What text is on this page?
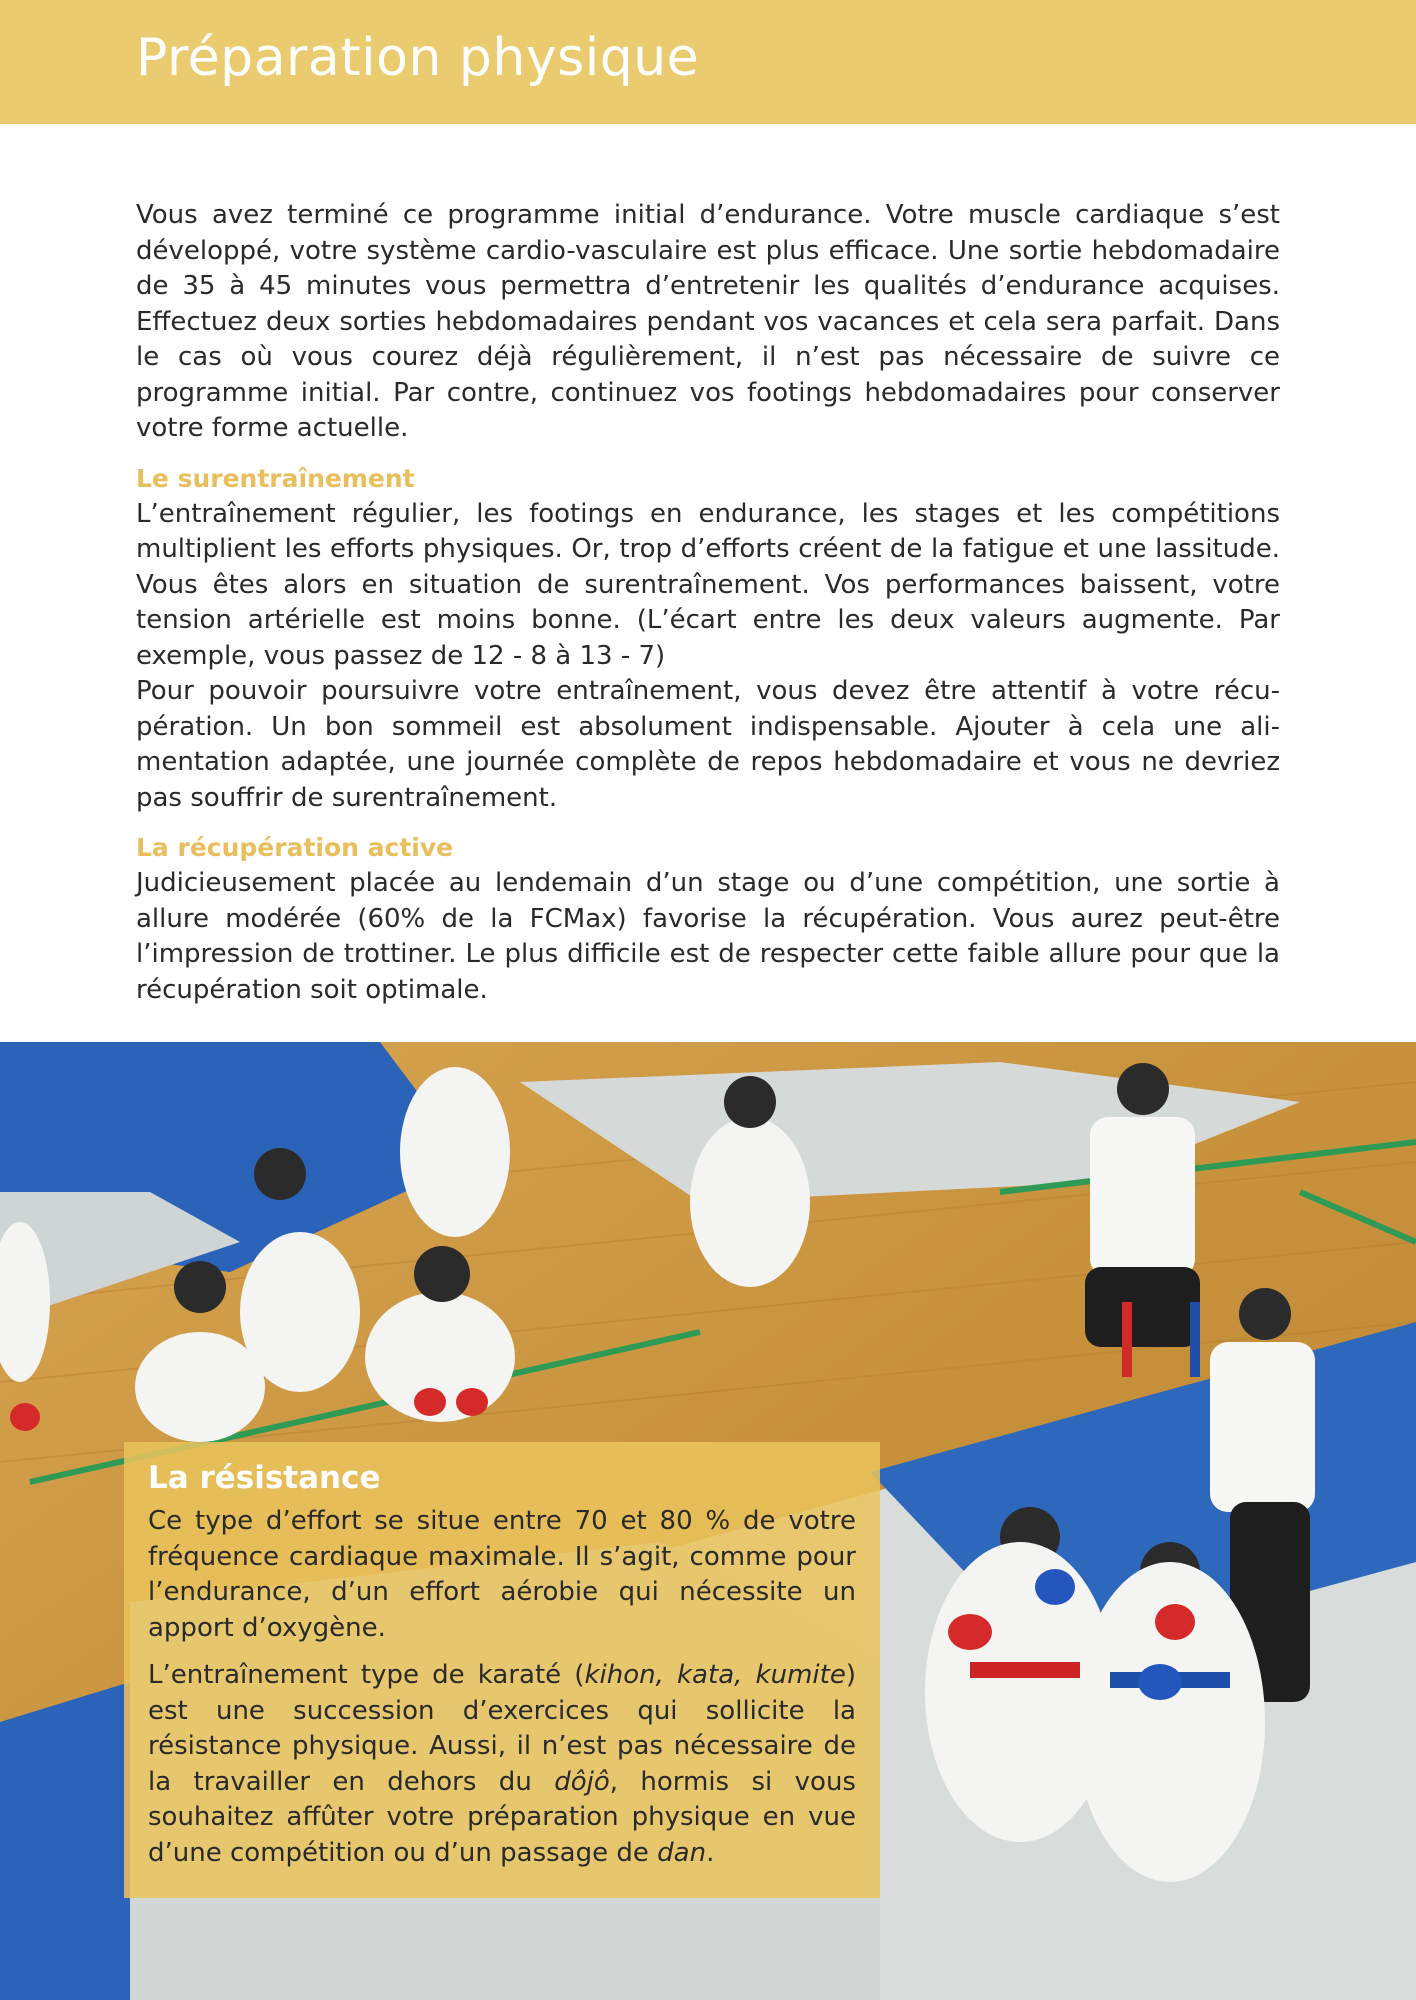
Préparation physique

Vous avez terminé ce programme initial d’endurance. Votre muscle cardiaque s’est développé, votre système cardio-vasculaire est plus efficace. Une sortie hebdomadaire de 35 à 45 minutes vous permettra d’entretenir les qualités d’endurance acquises. Effectuez deux sorties hebdomadaires pendant vos vacances et cela sera parfait. Dans le cas où vous courez déjà régulièrement, il n’est pas nécessaire de suivre ce programme initial. Par contre, continuez vos footings hebdomadaires pour conserver votre forme actuelle.

Le surentraînement

L’entraînement régulier, les footings en endurance, les stages et les compétitions multiplient les efforts physiques. Or, trop d’efforts créent de la fatigue et une lassitude. Vous êtes alors en situation de surentraînement. Vos performances baissent, votre tension artérielle est moins bonne. (L’écart entre les deux valeurs augmente. Par exemple, vous passez de 12 - 8 à 13 - 7)

Pour pouvoir poursuivre votre entraînement, vous devez être attentif à votre récupération. Un bon sommeil est absolument indispensable. Ajouter à cela une alimentation adaptée, une journée complète de repos hebdomadaire et vous ne devriez pas souffrir de surentraînement.

La récupération active

Judicieusement placée au lendemain d’un stage ou d’une compétition, une sortie à allure modérée (60% de la FCMax) favorise la récupération. Vous aurez peut-être l’impression de trottiner. Le plus difficile est de respecter cette faible allure pour que la récupération soit optimale.

La résistance

Ce type d’effort se situe entre 70 et 80 % de votre fréquence cardiaque maximale. Il s’agit, comme pour l’endurance, d’un effort aérobie qui nécessite un apport d’oxygène.

L’entraînement type de karaté (kihon, kata, kumite) est une succession d’exercices qui sollicite la résistance physique. Aussi, il n’est pas nécessaire de la travailler en dehors du dôjô, hormis si vous souhaitez affûter votre préparation physique en vue d’une compétition ou d’un passage de dan.
